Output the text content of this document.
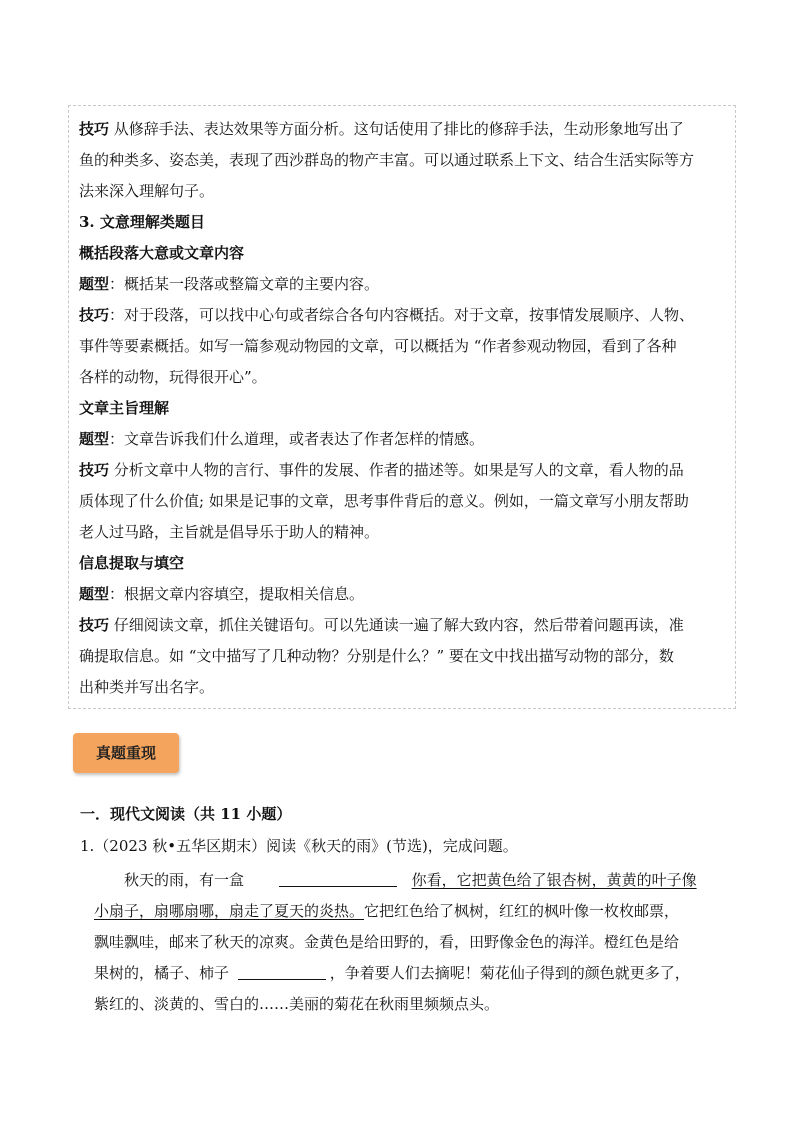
技巧 从修辞手法、表达效果等方面分析。这句话使用了排比的修辞手法，生动形象地写出了
鱼的种类多、姿态美，表现了西沙群岛的物产丰富。可以通过联系上下文、结合生活实际等方
法来深入理解句子。
3. 文意理解类题目
概括段落大意或文章内容
题型：概括某一段落或整篇文章的主要内容。
技巧：对于段落，可以找中心句或者综合各句内容概括。对于文章，按事情发展顺序、人物、
事件等要素概括。如写一篇参观动物园的文章，可以概括为 “作者参观动物园，看到了各种
各样的动物，玩得很开心”。
文章主旨理解
题型：文章告诉我们什么道理，或者表达了作者怎样的情感。
技巧 分析文章中人物的言行、事件的发展、作者的描述等。如果是写人的文章，看人物的品
质体现了什么价值; 如果是记事的文章，思考事件背后的意义。例如，一篇文章写小朋友帮助
老人过马路，主旨就是倡导乐于助人的精神。
信息提取与填空
题型：根据文章内容填空，提取相关信息。
技巧 仔细阅读文章，抓住关键语句。可以先通读一遍了解大致内容，然后带着问题再读，准
确提取信息。如 “文中描写了几种动物？分别是什么？” 要在文中找出描写动物的部分，数
出种类并写出名字。
真题重现
一．现代文阅读（共 11 小题）
1.（2023 秋•五华区期末）阅读《秋天的雨》(节选)，完成问题。
秋天的雨，有一盒	你看，它把黄色给了银杏树，黄黄的叶子像
小扇子，扇哪扇哪，扇走了夏天的炎热。它把红色给了枫树，红红的枫叶像一枚枚邮票，
飘哇飘哇，邮来了秋天的凉爽。金黄色是给田野的，看，田野像金色的海洋。橙红色是给
果树的，橘子、柿子	，争着要人们去摘呢！菊花仙子得到的颜色就更多了，
紫红的、淡黄的、雪白的……美丽的菊花在秋雨里频频点头。
